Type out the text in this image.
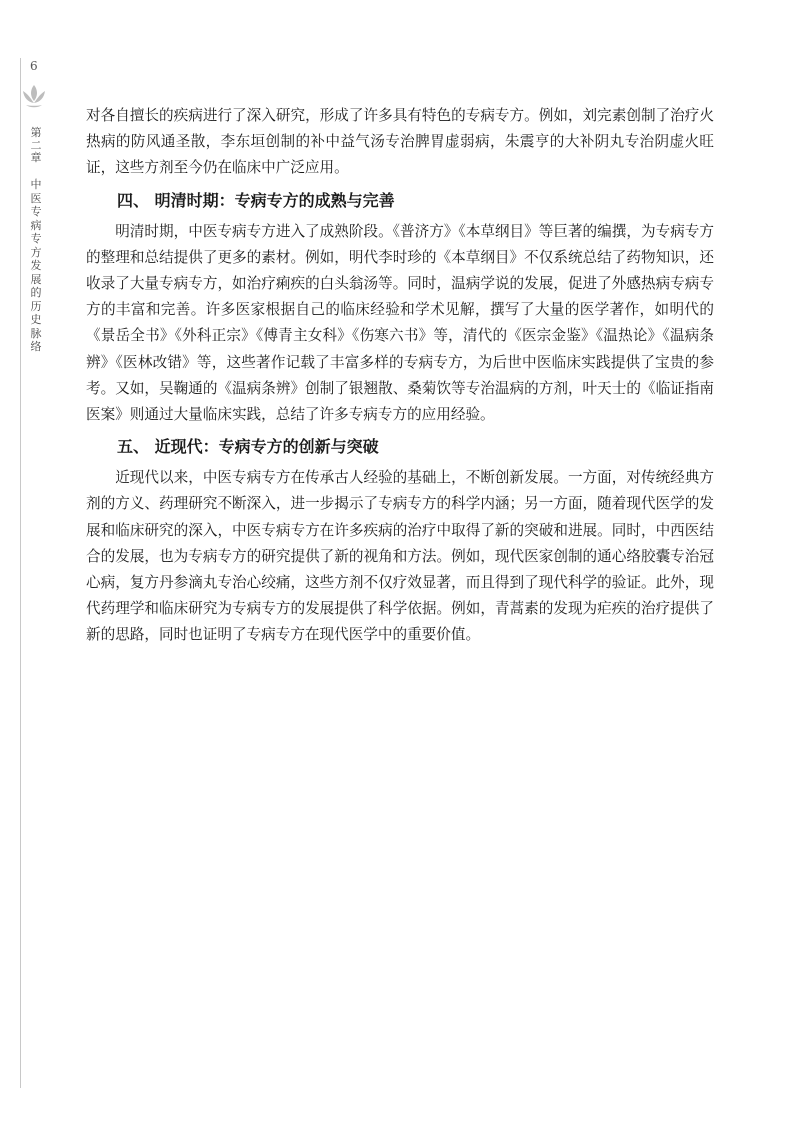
6
第二章
中医专病专方发展的历史脉络

对各自擅长的疾病进行了深入研究，形成了许多具有特色的专病专方。例如，刘完素创制了治疗火热病的防风通圣散，李东垣创制的补中益气汤专治脾胃虚弱病，朱震亨的大补阴丸专治阴虚火旺证，这些方剂至今仍在临床中广泛应用。

四、 明清时期：专病专方的成熟与完善

明清时期，中医专病专方进入了成熟阶段。《普济方》《本草纲目》等巨著的编撰，为专病专方的整理和总结提供了更多的素材。例如，明代李时珍的《本草纲目》不仅系统总结了药物知识，还收录了大量专病专方，如治疗痢疾的白头翁汤等。同时，温病学说的发展，促进了外感热病专病专方的丰富和完善。许多医家根据自己的临床经验和学术见解，撰写了大量的医学著作，如明代的《景岳全书》《外科正宗》《傅青主女科》《伤寒六书》等，清代的《医宗金鉴》《温热论》《温病条辨》《医林改错》等，这些著作记载了丰富多样的专病专方，为后世中医临床实践提供了宝贵的参考。又如，吴鞠通的《温病条辨》创制了银翘散、桑菊饮等专治温病的方剂，叶天士的《临证指南医案》则通过大量临床实践，总结了许多专病专方的应用经验。

五、 近现代：专病专方的创新与突破

近现代以来，中医专病专方在传承古人经验的基础上，不断创新发展。一方面，对传统经典方剂的方义、药理研究不断深入，进一步揭示了专病专方的科学内涵；另一方面，随着现代医学的发展和临床研究的深入，中医专病专方在许多疾病的治疗中取得了新的突破和进展。同时，中西医结合的发展，也为专病专方的研究提供了新的视角和方法。例如，现代医家创制的通心络胶囊专治冠心病，复方丹参滴丸专治心绞痛，这些方剂不仅疗效显著，而且得到了现代科学的验证。此外，现代药理学和临床研究为专病专方的发展提供了科学依据。例如，青蒿素的发现为疟疾的治疗提供了新的思路，同时也证明了专病专方在现代医学中的重要价值。
